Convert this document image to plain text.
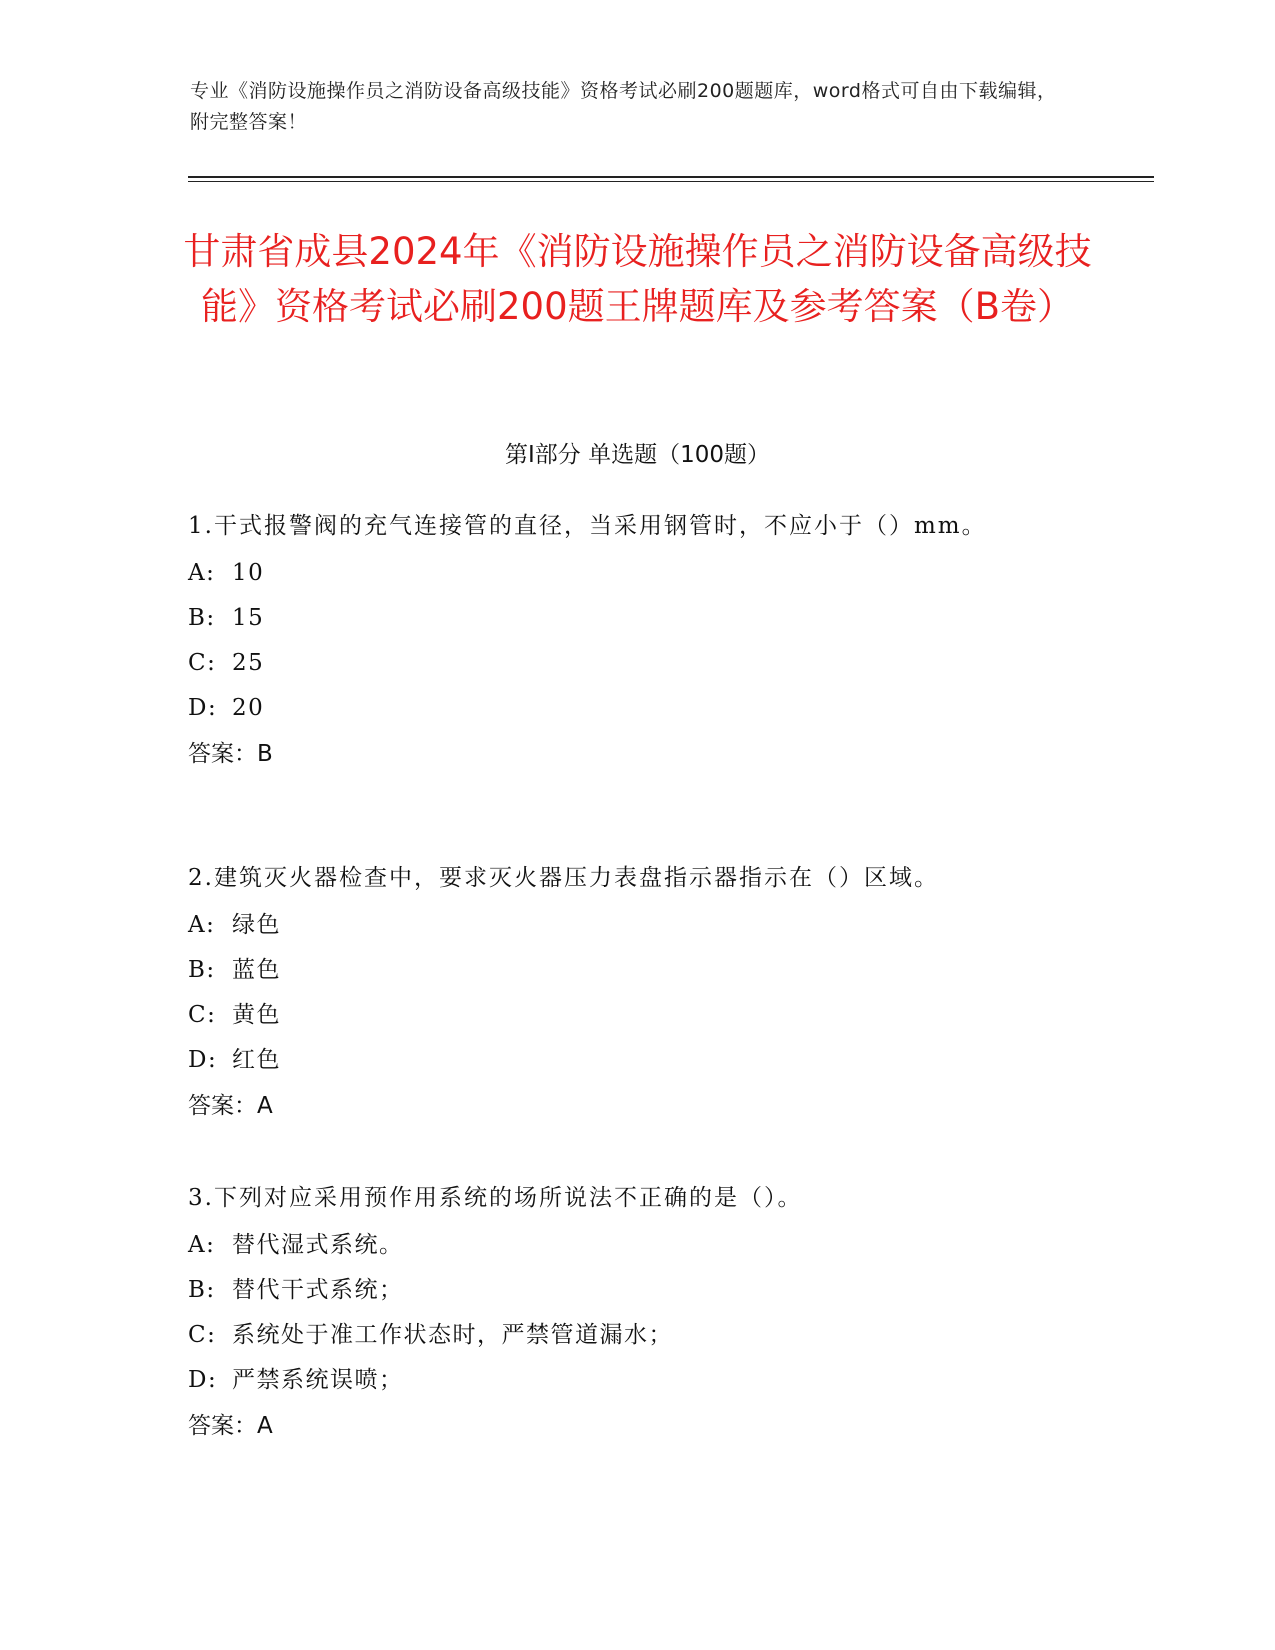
专业《消防设施操作员之消防设备高级技能》资格考试必刷200题题库，word格式可自由下载编辑，附完整答案！
甘肃省成县2024年《消防设施操作员之消防设备高级技能》资格考试必刷200题王牌题库及参考答案（B卷）
第Ⅰ部分 单选题（100题）
1.干式报警阀的充气连接管的直径，当采用钢管时，不应小于（）mm。
A: 10
B: 15
C: 25
D: 20
答案：B
2.建筑灭火器检查中，要求灭火器压力表盘指示器指示在（）区域。
A: 绿色
B: 蓝色
C: 黄色
D: 红色
答案：A
3.下列对应采用预作用系统的场所说法不正确的是（）。
A: 替代湿式系统。
B: 替代干式系统；
C: 系统处于准工作状态时，严禁管道漏水；
D: 严禁系统误喷；
答案：A
